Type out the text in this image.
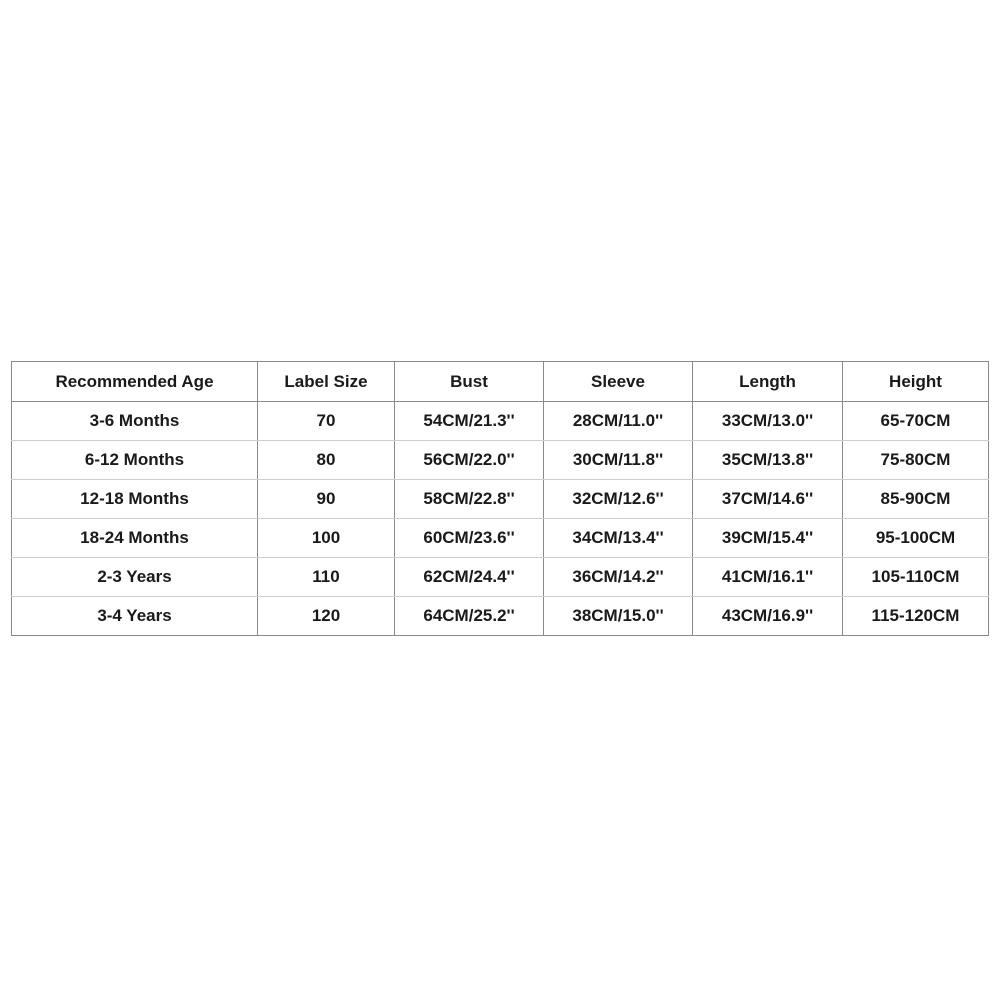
Recommended Age	Label Size	Bust	Sleeve	Length	Height
3-6 Months	70	54CM/21.3''	28CM/11.0''	33CM/13.0''	65-70CM
6-12 Months	80	56CM/22.0''	30CM/11.8''	35CM/13.8''	75-80CM
12-18 Months	90	58CM/22.8''	32CM/12.6''	37CM/14.6''	85-90CM
18-24 Months	100	60CM/23.6''	34CM/13.4''	39CM/15.4''	95-100CM
2-3 Years	110	62CM/24.4''	36CM/14.2''	41CM/16.1''	105-110CM
3-4 Years	120	64CM/25.2''	38CM/15.0''	43CM/16.9''	115-120CM
